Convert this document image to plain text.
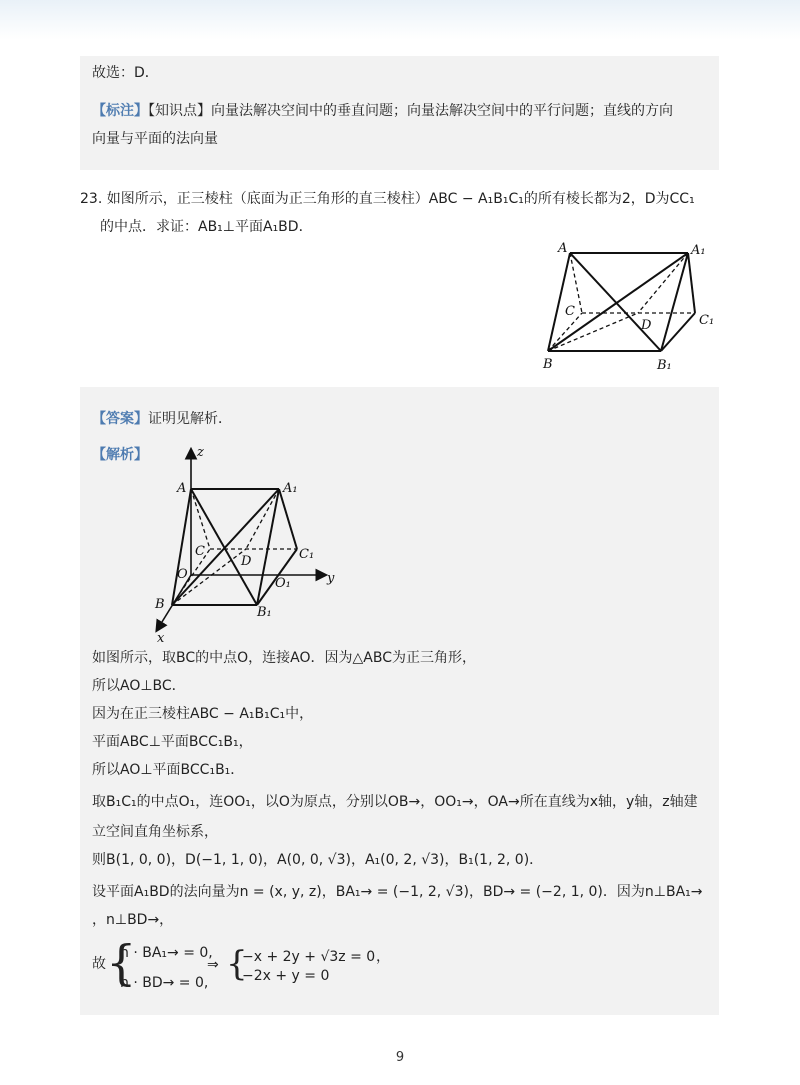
故选：D．
【标注】【知识点】向量法解决空间中的垂直问题；向量法解决空间中的平行问题；直线的方向
向量与平面的法向量
23. 如图所示，正三棱柱（底面为正三角形的直三棱柱）ABC − A₁B₁C₁的所有棱长都为2，D为CC₁
的中点．求证：AB₁⊥平面A₁BD．
A	A₁
C
C₁
D
B	B₁
【答案】证明见解析．
【解析】	z
y
x
A	A₁
C	C₁
D
O
O₁
B
B₁
如图所示，取BC的中点O，连接AO．因为△ABC为正三角形，
所以AO⊥BC．
因为在正三棱柱ABC − A₁B₁C₁中，
平面ABC⊥平面BCC₁B₁，
所以AO⊥平面BCC₁B₁．
取B₁C₁的中点O₁，连OO₁，以O为原点，分别以OB→，OO₁→，OA→所在直线为x轴，y轴，z轴建
立空间直角坐标系，
则B(1, 0, 0)，D(−1, 1, 0)，A(0, 0, √3)，A₁(0, 2, √3)，B₁(1, 2, 0)．
设平面A₁BD的法向量为n = (x, y, z)，BA₁→ = (−1, 2, √3)，BD→ = (−2, 1, 0)．因为n⊥BA₁→
，n⊥BD→，
故 {
n · BA₁→ = 0,
n · BD→ = 0,
⇒ {
−x + 2y + √3z = 0
−2x + y = 0
，
9
